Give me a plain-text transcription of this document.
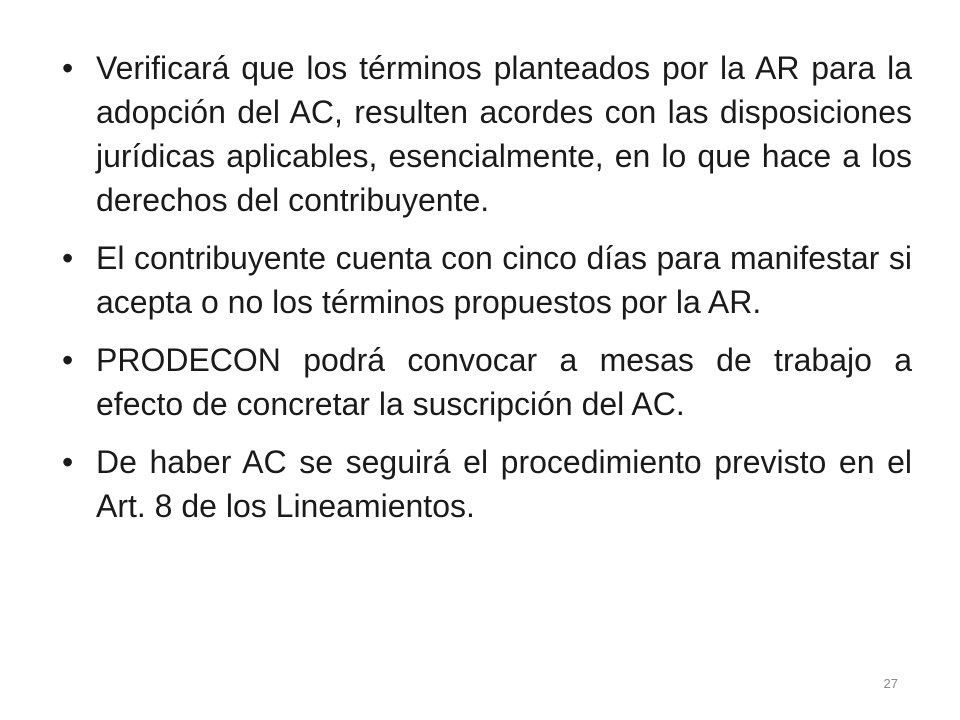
• Verificará que los términos planteados por la AR para la adopción del AC, resulten acordes con las disposiciones jurídicas aplicables, esencialmente, en lo que hace a los derechos del contribuyente.
• El contribuyente cuenta con cinco días para manifestar si acepta o no los términos propuestos por la AR.
• PRODECON podrá convocar a mesas de trabajo a efecto de concretar la suscripción del AC.
• De haber AC se seguirá el procedimiento previsto en el Art. 8 de los Lineamientos.
27
